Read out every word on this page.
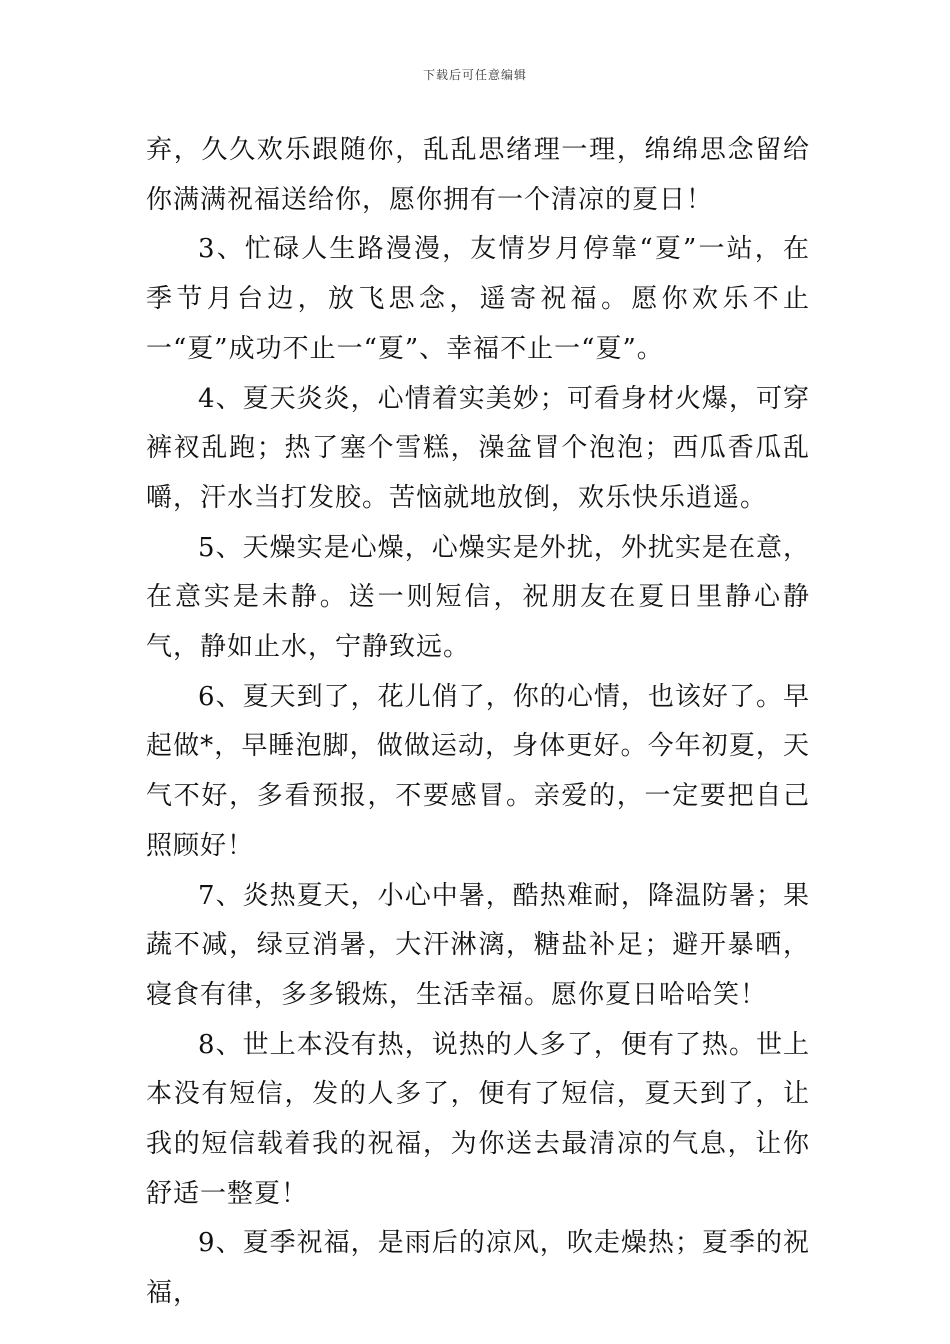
下载后可任意编辑

弃，久久欢乐跟随你，乱乱思绪理一理，绵绵思念留给你满满祝福送给你，愿你拥有一个清凉的夏日！

3、忙碌人生路漫漫，友情岁月停靠“夏”一站，在季节月台边，放飞思念，遥寄祝福。愿你欢乐不止一“夏”成功不止一“夏”、幸福不止一“夏”。

4、夏天炎炎，心情着实美妙；可看身材火爆，可穿裤衩乱跑；热了塞个雪糕，澡盆冒个泡泡；西瓜香瓜乱嚼，汗水当打发胶。苦恼就地放倒，欢乐快乐逍遥。

5、天燥实是心燥，心燥实是外扰，外扰实是在意，在意实是未静。送一则短信，祝朋友在夏日里静心静气，静如止水，宁静致远。

6、夏天到了，花儿俏了，你的心情，也该好了。早起做*，早睡泡脚，做做运动，身体更好。今年初夏，天气不好，多看预报，不要感冒。亲爱的，一定要把自己照顾好！

7、炎热夏天，小心中暑，酷热难耐，降温防暑；果蔬不减，绿豆消暑，大汗淋漓，糖盐补足；避开暴晒，寝食有律，多多锻炼，生活幸福。愿你夏日哈哈笑！

8、世上本没有热，说热的人多了，便有了热。世上本没有短信，发的人多了，便有了短信，夏天到了，让我的短信载着我的祝福，为你送去最清凉的气息，让你舒适一整夏！

9、夏季祝福，是雨后的凉风，吹走燥热；夏季的祝福，
